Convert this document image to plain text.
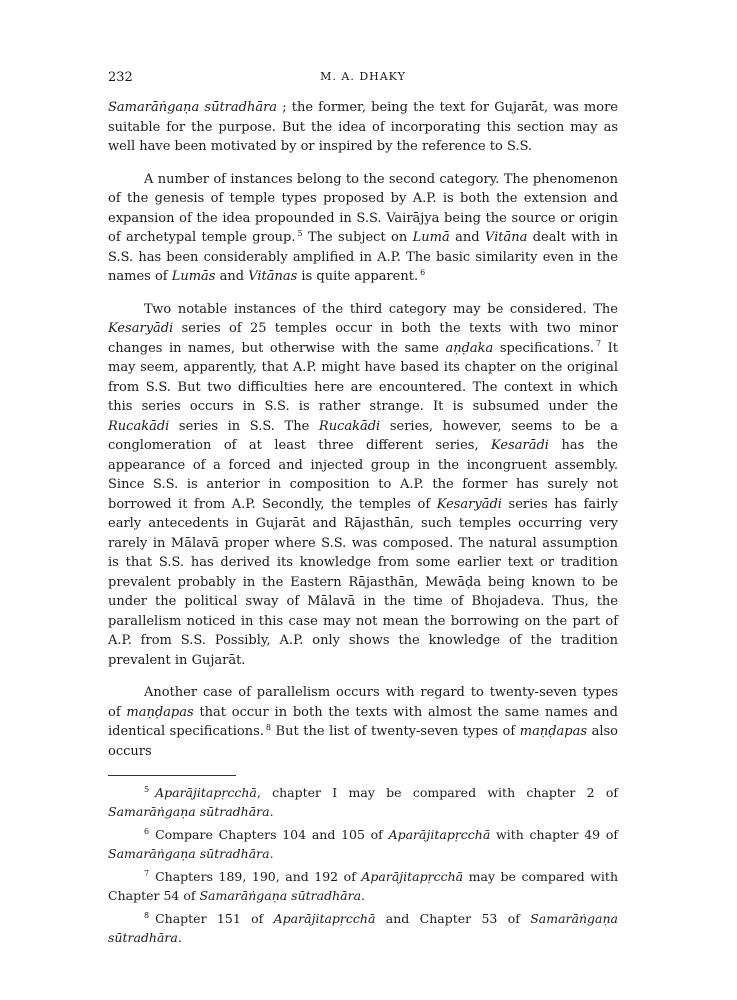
232	M. A. DHAKY

Samarāṅgaṇa sūtradhāra ; the former, being the text for Gujarāt, was more suitable for the purpose. But the idea of incorporating this section may as well have been motivated by or inspired by the reference to S.S.

A number of instances belong to the second category. The phenomenon of the genesis of temple types proposed by A.P. is both the extension and expansion of the idea propounded in S.S. Vairājya being the source or origin of archetypal temple group. $^5$ The subject on Lumā and Vitāna dealt with in S.S. has been considerably amplified in A.P. The basic similarity even in the names of Lumās and Vitānas is quite apparent. $^6$

Two notable instances of the third category may be considered. The Kesaryādi series of 25 temples occur in both the texts with two minor changes in names, but otherwise with the same aṇḍaka specifications. $^7$ It may seem, apparently, that A.P. might have based its chapter on the original from S.S. But two difficulties here are encountered. The context in which this series occurs in S.S. is rather strange. It is subsumed under the Rucakādi series in S.S. The Rucakādi series, however, seems to be a conglomeration of at least three different series, Kesarādi has the appearance of a forced and injected group in the incongruent assembly. Since S.S. is anterior in composition to A.P. the former has surely not borrowed it from A.P. Secondly, the temples of Kesaryādi series has fairly early antecedents in Gujarāt and Rājasthān, such temples occurring very rarely in Mālavā proper where S.S. was composed. The natural assumption is that S.S. has derived its knowledge from some earlier text or tradition prevalent probably in the Eastern Rājasthān, Mewāḍa being known to be under the political sway of Mālavā in the time of Bhojadeva. Thus, the parallelism noticed in this case may not mean the borrowing on the part of A.P. from S.S. Possibly, A.P. only shows the knowledge of the tradition prevalent in Gujarāt.

Another case of parallelism occurs with regard to twenty-seven types of maṇḍapas that occur in both the texts with almost the same names and identical specifications. $^8$ But the list of twenty-seven types of maṇḍapas also occurs

$^5$ Aparājitapṛcchā, chapter I may be compared with chapter 2 of Samarāṅgaṇa sūtradhāra.

$^6$ Compare Chapters 104 and 105 of Aparājitapṛcchā with chapter 49 of Samarāṅgaṇa sūtradhāra.

$^7$ Chapters 189, 190, and 192 of Aparājitapṛcchā may be compared with Chapter 54 of Samarāṅgaṇa sūtradhāra.

$^8$ Chapter 151 of Aparājitapṛcchā and Chapter 53 of Samarāṅgaṇa sūtradhāra.
